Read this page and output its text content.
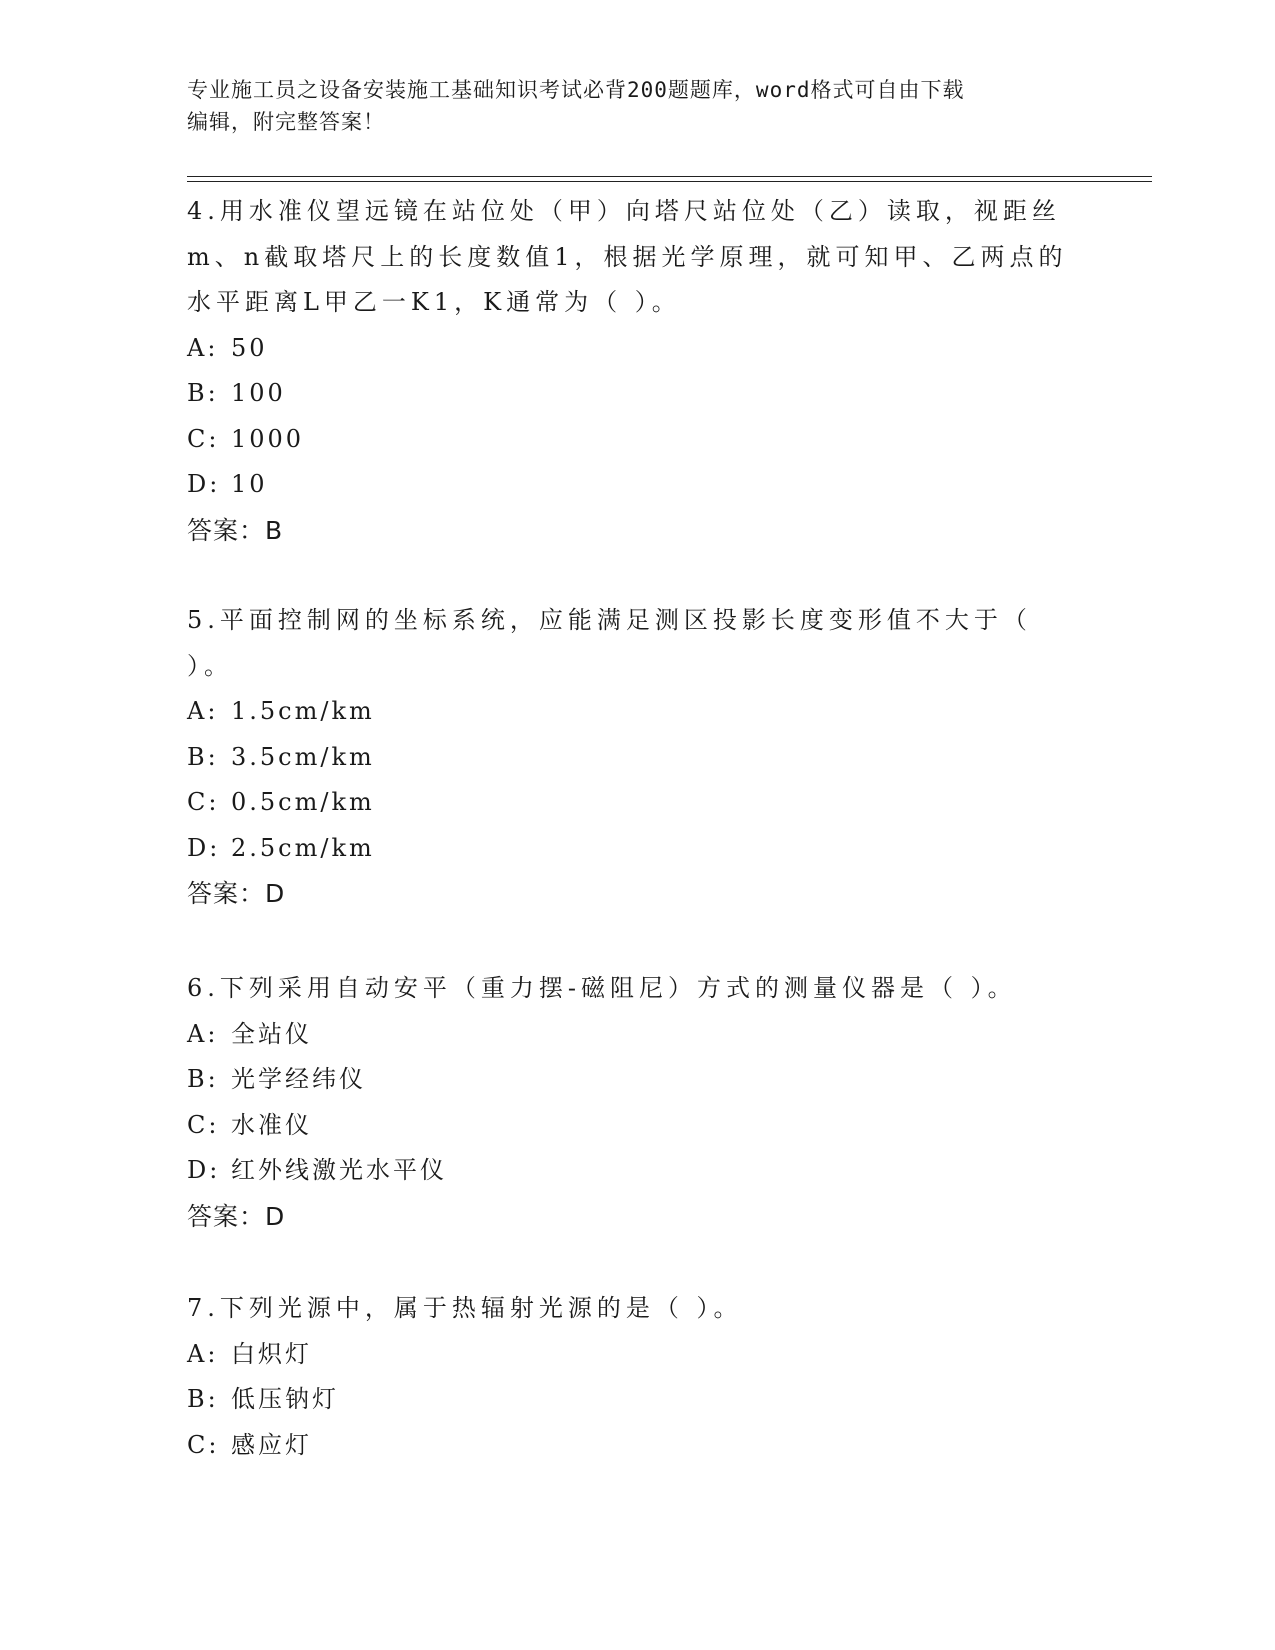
专业施工员之设备安装施工基础知识考试必背200题题库，word格式可自由下载
编辑，附完整答案！

4.用水准仪望远镜在站位处（甲）向塔尺站位处（乙）读取，视距丝m、n截取塔尺上的长度数值1，根据光学原理，就可知甲、乙两点的水平距离L甲乙一K1，K通常为（ ）。

A: 50
B: 100
C: 1000
D: 10
答案：B

5.平面控制网的坐标系统，应能满足测区投影长度变形值不大于（ ）。

A: 1.5cm/km
B: 3.5cm/km
C: 0.5cm/km
D: 2.5cm/km
答案：D

6.下列采用自动安平（重力摆-磁阻尼）方式的测量仪器是（ ）。

A: 全站仪
B: 光学经纬仪
C: 水准仪
D: 红外线激光水平仪
答案：D

7.下列光源中，属于热辐射光源的是（ ）。

A: 白炽灯
B: 低压钠灯
C: 感应灯
